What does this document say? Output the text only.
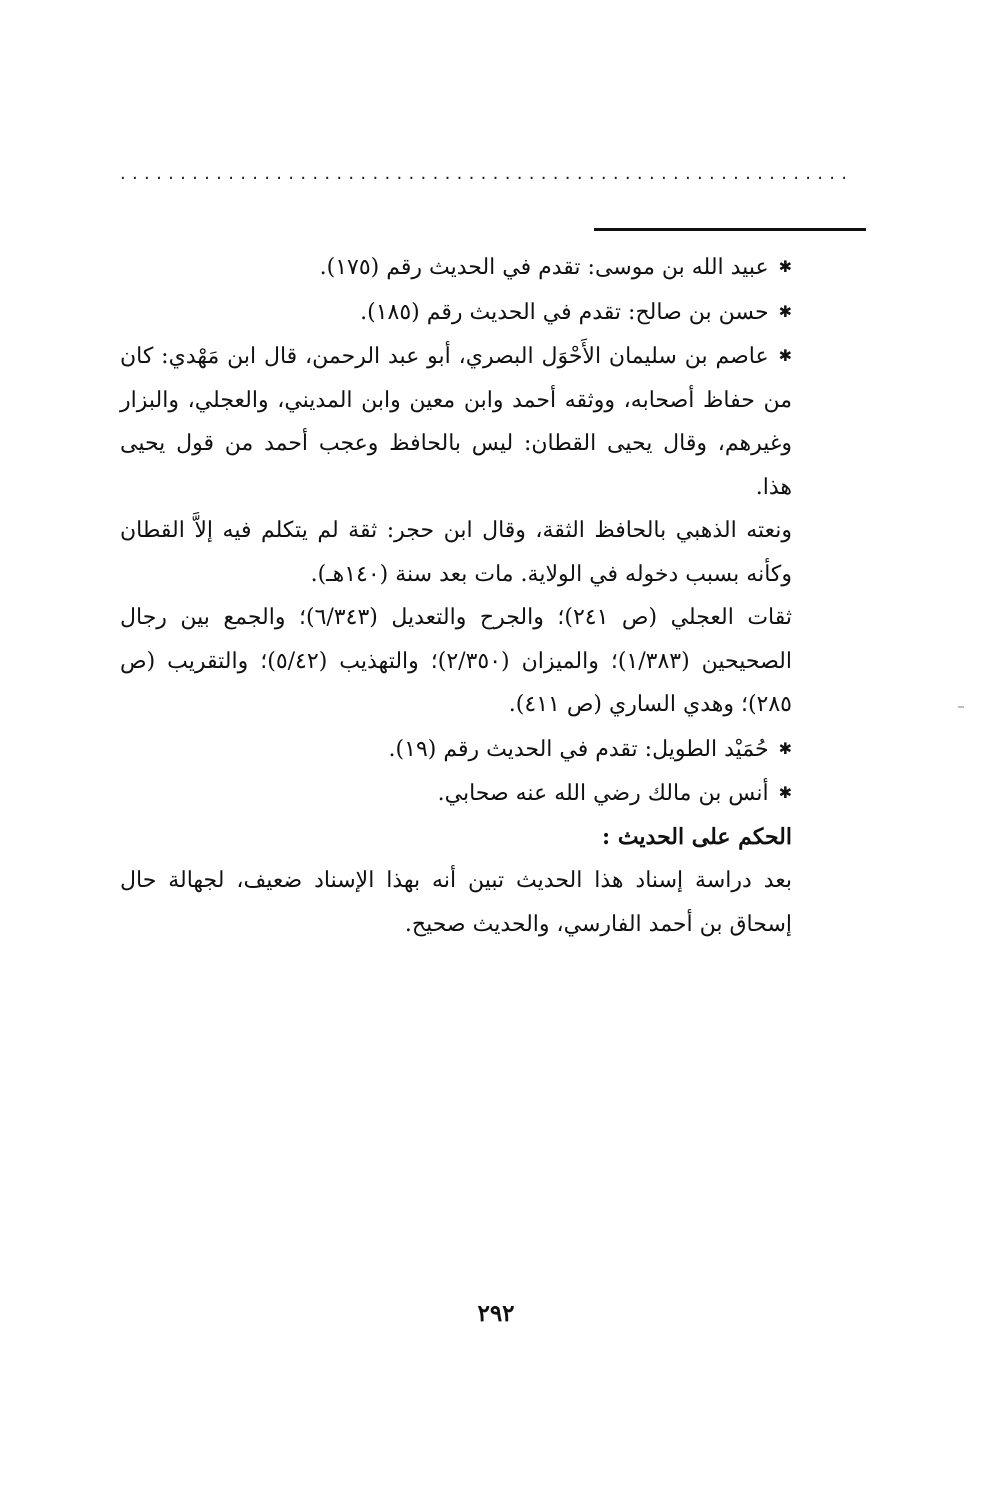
.............................................................

✱ عبيد الله بن موسى: تقدم في الحديث رقم (١٧٥).

✱ حسن بن صالح: تقدم في الحديث رقم (١٨٥).

✱ عاصم بن سليمان الأَحْوَل البصري، أبو عبد الرحمن، قال ابن مَهْدي: كان من حفاظ أصحابه، ووثقه أحمد وابن معين وابن المديني، والعجلي، والبزار وغيرهم، وقال يحيى القطان: ليس بالحافظ وعجب أحمد من قول يحيى هذا.

ونعته الذهبي بالحافظ الثقة، وقال ابن حجر: ثقة لم يتكلم فيه إلاَّ القطان وكأنه بسبب دخوله في الولاية. مات بعد سنة (١٤٠هـ).

ثقات العجلي (ص ٢٤١)؛ والجرح والتعديل (٦/٣٤٣)؛ والجمع بين رجال الصحيحين (١/٣٨٣)؛ والميزان (٢/٣٥٠)؛ والتهذيب (٥/٤٢)؛ والتقريب (ص ٢٨٥)؛ وهدي الساري (ص ٤١١).

✱ حُمَيْد الطويل: تقدم في الحديث رقم (١٩).

✱ أنس بن مالك رضي الله عنه صحابي.

الحكم على الحديث :

بعد دراسة إسناد هذا الحديث تبين أنه بهذا الإسناد ضعيف، لجهالة حال إسحاق بن أحمد الفارسي، والحديث صحيح.

٢٩٢
